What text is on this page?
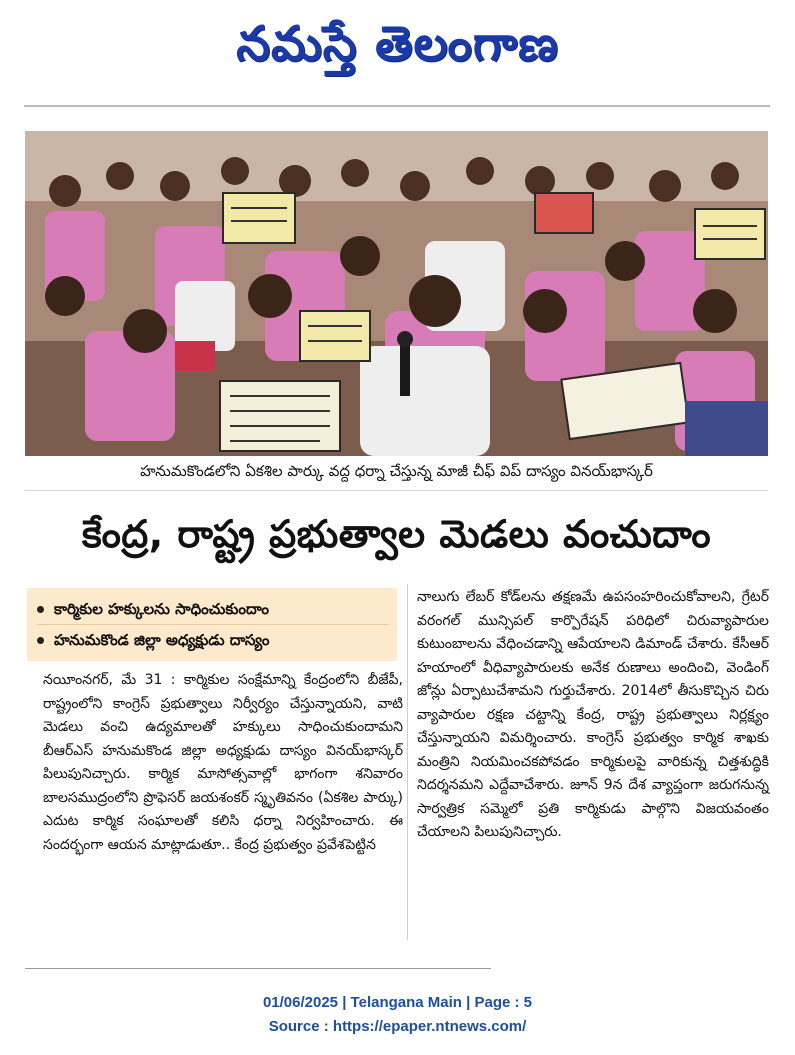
నమస్తే తెలంగాణ
హనుమకొండలోని ఏకశిల పార్కు వద్ద ధర్నా చేస్తున్న మాజీ చీఫ్ విప్ దాస్యం వినయ్‌భాస్కర్
కేంద్ర, రాష్ట్ర ప్రభుత్వాల మెడలు వంచుదాం
కార్మికుల హక్కులను సాధించుకుందాం
హనుమకొండ జిల్లా అధ్యక్షుడు దాస్యం

నయీంనగర్, మే 31 : కార్మికుల సంక్షేమాన్ని కేంద్రంలోని బీజేపీ, రాష్ట్రంలోని కాంగ్రెస్ ప్రభుత్వాలు నిర్వీర్యం చేస్తున్నాయని, వాటి మెడలు వంచి ఉద్యమాలతో హక్కులు సాధించుకుందామని బీఆర్ఎస్ హనుమకొండ జిల్లా అధ్యక్షుడు దాస్యం వినయ్‌భాస్కర్ పిలుపునిచ్చారు. కార్మిక మాసోత్సవాల్లో భాగంగా శనివారం బాలసముద్రంలోని ప్రొఫెసర్ జయశంకర్ స్మృతివనం (ఏకశిల పార్కు) ఎదుట కార్మిక సంఘాలతో కలిసి ధర్నా నిర్వహించారు. ఈ సందర్భంగా ఆయన మాట్లాడుతూ.. కేంద్ర ప్రభుత్వం ప్రవేశపెట్టిన

నాలుగు లేబర్ కోడ్‌లను తక్షణమే ఉపసంహరించుకోవాలని, గ్రేటర్ వరంగల్ మున్సిపల్ కార్పొరేషన్ పరిధిలో చిరువ్యాపారుల కుటుంబాలను వేధించడాన్ని ఆపేయాలని డిమాండ్ చేశారు. కేసీఆర్ హయాంలో వీధివ్యాపారులకు అనేక రుణాలు అందించి, వెండింగ్ జోన్లు ఏర్పాటుచేశామని గుర్తుచేశారు. 2014లో తీసుకొచ్చిన చిరు వ్యాపారుల రక్షణ చట్టాన్ని కేంద్ర, రాష్ట్ర ప్రభుత్వాలు నిర్లక్ష్యం చేస్తున్నాయని విమర్శించారు. కాంగ్రెస్ ప్రభుత్వం కార్మిక శాఖకు మంత్రిని నియమించకపోవడం కార్మికులపై వారికున్న చిత్తశుద్ధికి నిదర్శనమని ఎద్దేవాచేశారు. జూన్ 9న దేశ వ్యాప్తంగా జరుగనున్న సార్వత్రిక సమ్మెలో ప్రతి కార్మికుడు పాల్గొని విజయవంతం చేయాలని పిలుపునిచ్చారు.

01/06/2025 | Telangana Main | Page : 5
Source : https://epaper.ntnews.com/
